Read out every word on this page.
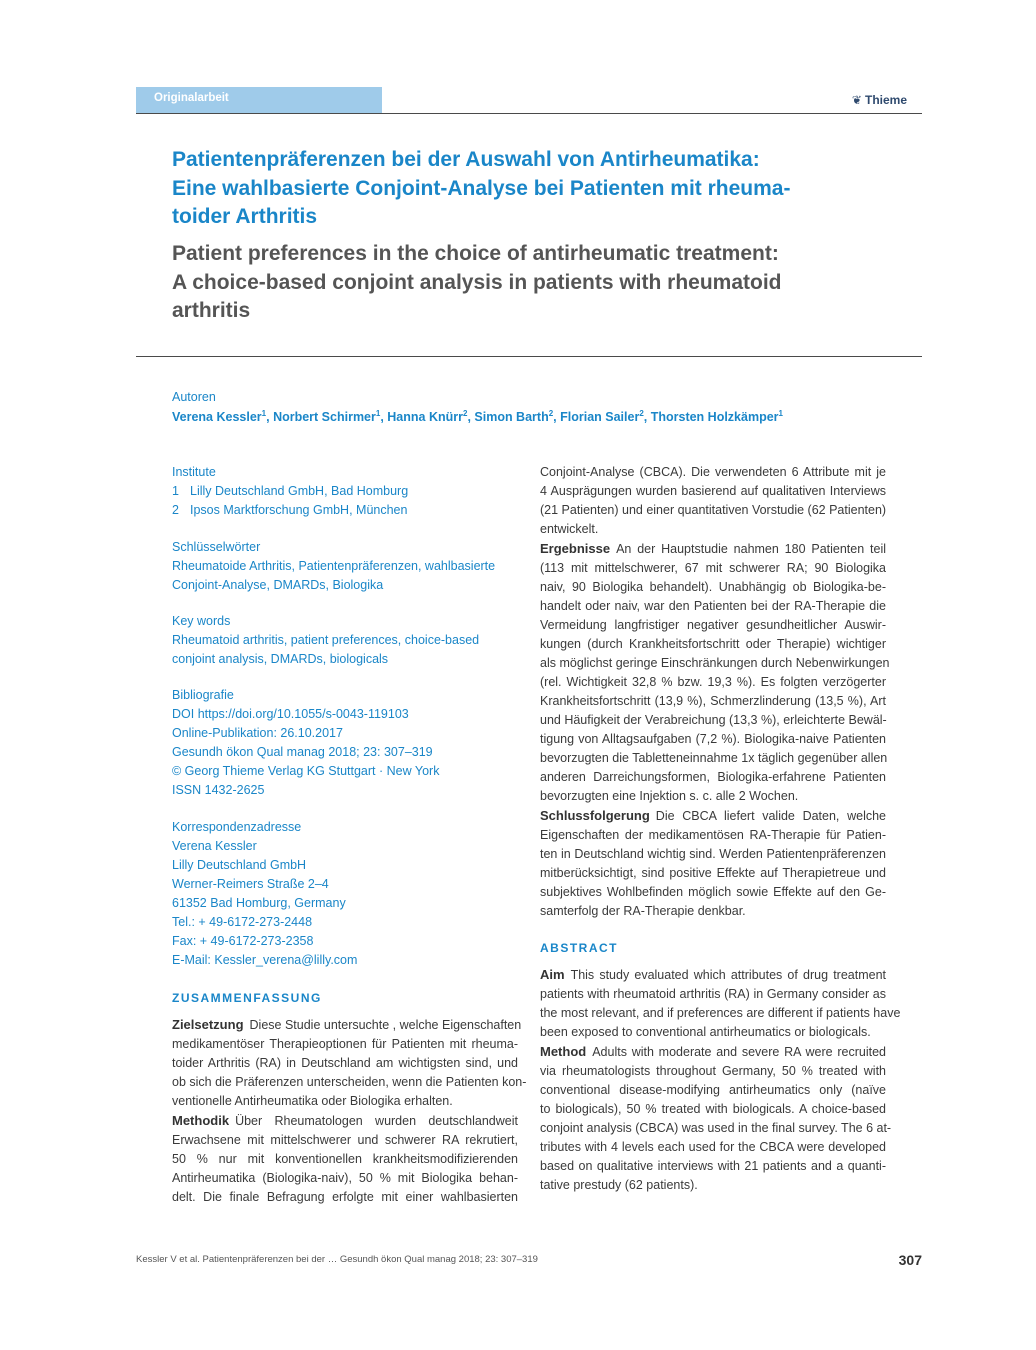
Originalarbeit	❦ Thieme
Patientenpräferenzen bei der Auswahl von Antirheumatika:
Eine wahlbasierte Conjoint-Analyse bei Patienten mit rheuma-
toider Arthritis
Patient preferences in the choice of antirheumatic treatment:
A choice-based conjoint analysis in patients with rheumatoid
arthritis
Autoren
Verena Kessler$^1$, Norbert Schirmer$^1$, Hanna Knürr$^2$, Simon Barth$^2$, Florian Sailer$^2$, Thorsten Holzkämper$^1$
Institute
1 Lilly Deutschland GmbH, Bad Homburg
2 Ipsos Marktforschung GmbH, München
Schlüsselwörter
Rheumatoide Arthritis, Patientenpräferenzen, wahlbasierte
Conjoint-Analyse, DMARDs, Biologika
Key words
Rheumatoid arthritis, patient preferences, choice-based
conjoint analysis, DMARDs, biologicals
Bibliografie
DOI https://doi.org/10.1055/s-0043-119103
Online-Publikation: 26.10.2017
Gesundh ökon Qual manag 2018; 23: 307–319
© Georg Thieme Verlag KG Stuttgart · New York
ISSN 1432-2625
Korrespondenzadresse
Verena Kessler
Lilly Deutschland GmbH
Werner-Reimers Straße 2–4
61352 Bad Homburg, Germany
Tel.: + 49-6172-273-2448
Fax: + 49-6172-273-2358
E-Mail: Kessler_verena@lilly.com
ZUSAMMENFASSUNG
Zielsetzung Diese Studie untersuchte , welche Eigenschaften
medikamentöser Therapieoptionen für Patienten mit rheuma-
toider Arthritis (RA) in Deutschland am wichtigsten sind, und
ob sich die Präferenzen unterscheiden, wenn die Patienten kon-
ventionelle Antirheumatika oder Biologika erhalten.
Methodik Über Rheumatologen wurden deutschlandweit
Erwachsene mit mittelschwerer und schwerer RA rekrutiert,
50 % nur mit konventionellen krankheitsmodifizierenden
Antirheumatika (Biologika-naiv), 50 % mit Biologika behan-
delt. Die finale Befragung erfolgte mit einer wahlbasierten
Conjoint-Analyse (CBCA). Die verwendeten 6 Attribute mit je
4 Ausprägungen wurden basierend auf qualitativen Interviews
(21 Patienten) und einer quantitativen Vorstudie (62 Patienten)
entwickelt.
Ergebnisse An der Hauptstudie nahmen 180 Patienten teil
(113 mit mittelschwerer, 67 mit schwerer RA; 90 Biologika
naiv, 90 Biologika behandelt). Unabhängig ob Biologika-be-
handelt oder naiv, war den Patienten bei der RA-Therapie die
Vermeidung langfristiger negativer gesundheitlicher Auswir-
kungen (durch Krankheitsfortschritt oder Therapie) wichtiger
als möglichst geringe Einschränkungen durch Nebenwirkungen
(rel. Wichtigkeit 32,8 % bzw. 19,3 %). Es folgten verzögerter
Krankheitsfortschritt (13,9 %), Schmerzlinderung (13,5 %), Art
und Häufigkeit der Verabreichung (13,3 %), erleichterte Bewäl-
tigung von Alltagsaufgaben (7,2 %). Biologika-naive Patienten
bevorzugten die Tabletteneinnahme 1x täglich gegenüber allen
anderen Darreichungsformen, Biologika-erfahrene Patienten
bevorzugten eine Injektion s. c. alle 2 Wochen.
Schlussfolgerung Die CBCA liefert valide Daten, welche
Eigenschaften der medikamentösen RA-Therapie für Patien-
ten in Deutschland wichtig sind. Werden Patientenpräferenzen
mitberücksichtigt, sind positive Effekte auf Therapietreue und
subjektives Wohlbefinden möglich sowie Effekte auf den Ge-
samterfolg der RA-Therapie denkbar.
ABSTRACT
Aim This study evaluated which attributes of drug treatment
patients with rheumatoid arthritis (RA) in Germany consider as
the most relevant, and if preferences are different if patients have
been exposed to conventional antirheumatics or biologicals.
Method Adults with moderate and severe RA were recruited
via rheumatologists throughout Germany, 50 % treated with
conventional disease-modifying antirheumatics only (naïve
to biologicals), 50 % treated with biologicals. A choice-based
conjoint analysis (CBCA) was used in the final survey. The 6 at-
tributes with 4 levels each used for the CBCA were developed
based on qualitative interviews with 21 patients and a quanti-
tative prestudy (62 patients).
Kessler V et al. Patientenpräferenzen bei der … Gesundh ökon Qual manag 2018; 23: 307–319	307
